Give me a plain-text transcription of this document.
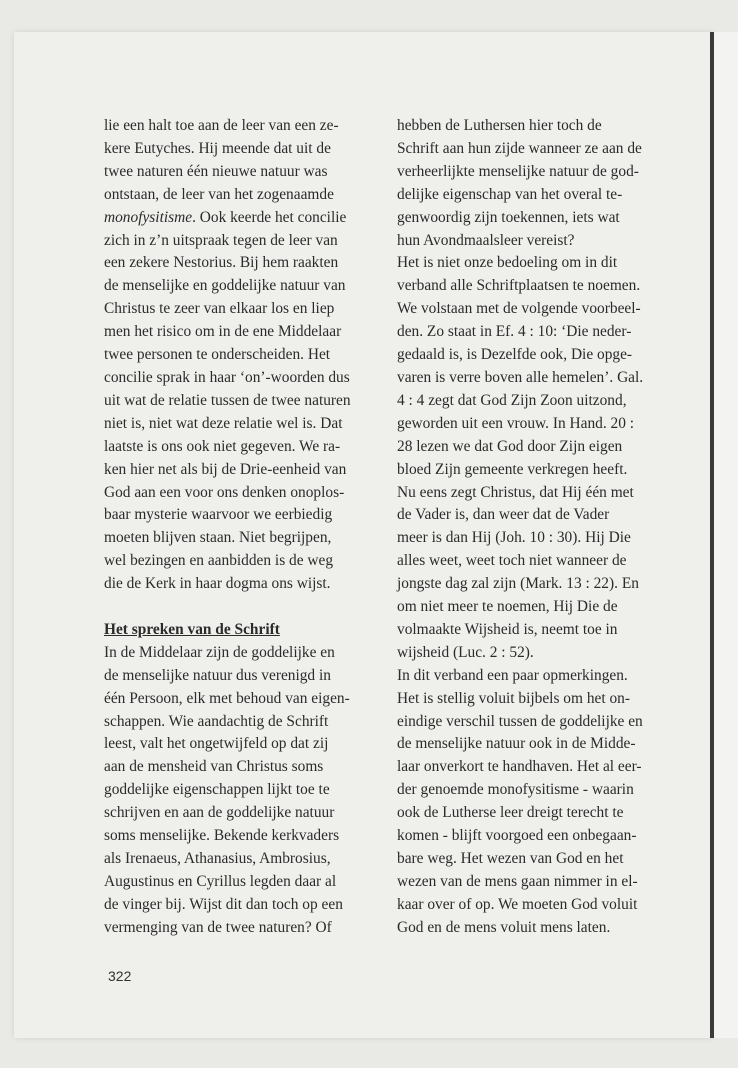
lie een halt toe aan de leer van een ze-
kere Eutyches. Hij meende dat uit de
twee naturen één nieuwe natuur was
ontstaan, de leer van het zogenaamde
monofysitisme. Ook keerde het concilie
zich in z’n uitspraak tegen de leer van
een zekere Nestorius. Bij hem raakten
de menselijke en goddelijke natuur van
Christus te zeer van elkaar los en liep
men het risico om in de ene Middelaar
twee personen te onderscheiden. Het
concilie sprak in haar ‘on’-woorden dus
uit wat de relatie tussen de twee naturen
niet is, niet wat deze relatie wel is. Dat
laatste is ons ook niet gegeven. We ra-
ken hier net als bij de Drie-eenheid van
God aan een voor ons denken onoplos-
baar mysterie waarvoor we eerbiedig
moeten blijven staan. Niet begrijpen,
wel bezingen en aanbidden is de weg
die de Kerk in haar dogma ons wijst.

Het spreken van de Schrift

In de Middelaar zijn de goddelijke en
de menselijke natuur dus verenigd in
één Persoon, elk met behoud van eigen-
schappen. Wie aandachtig de Schrift
leest, valt het ongetwijfeld op dat zij
aan de mensheid van Christus soms
goddelijke eigenschappen lijkt toe te
schrijven en aan de goddelijke natuur
soms menselijke. Bekende kerkvaders
als Irenaeus, Athanasius, Ambrosius,
Augustinus en Cyrillus legden daar al
de vinger bij. Wijst dit dan toch op een
vermenging van de twee naturen? Of

hebben de Luthersen hier toch de
Schrift aan hun zijde wanneer ze aan de
verheerlijkte menselijke natuur de god-
delijke eigenschap van het overal te-
genwoordig zijn toekennen, iets wat
hun Avondmaalsleer vereist?
Het is niet onze bedoeling om in dit
verband alle Schriftplaatsen te noemen.
We volstaan met de volgende voorbeel-
den. Zo staat in Ef. 4 : 10: ‘Die neder-
gedaald is, is Dezelfde ook, Die opge-
varen is verre boven alle hemelen’. Gal.
4 : 4 zegt dat God Zijn Zoon uitzond,
geworden uit een vrouw. In Hand. 20 :
28 lezen we dat God door Zijn eigen
bloed Zijn gemeente verkregen heeft.
Nu eens zegt Christus, dat Hij één met
de Vader is, dan weer dat de Vader
meer is dan Hij (Joh. 10 : 30). Hij Die
alles weet, weet toch niet wanneer de
jongste dag zal zijn (Mark. 13 : 22). En
om niet meer te noemen, Hij Die de
volmaakte Wijsheid is, neemt toe in
wijsheid (Luc. 2 : 52).
In dit verband een paar opmerkingen.
Het is stellig voluit bijbels om het on-
eindige verschil tussen de goddelijke en
de menselijke natuur ook in de Midde-
laar onverkort te handhaven. Het al eer-
der genoemde monofysitisme - waarin
ook de Lutherse leer dreigt terecht te
komen - blijft voorgoed een onbegaan-
bare weg. Het wezen van God en het
wezen van de mens gaan nimmer in el-
kaar over of op. We moeten God voluit
God en de mens voluit mens laten.

322
